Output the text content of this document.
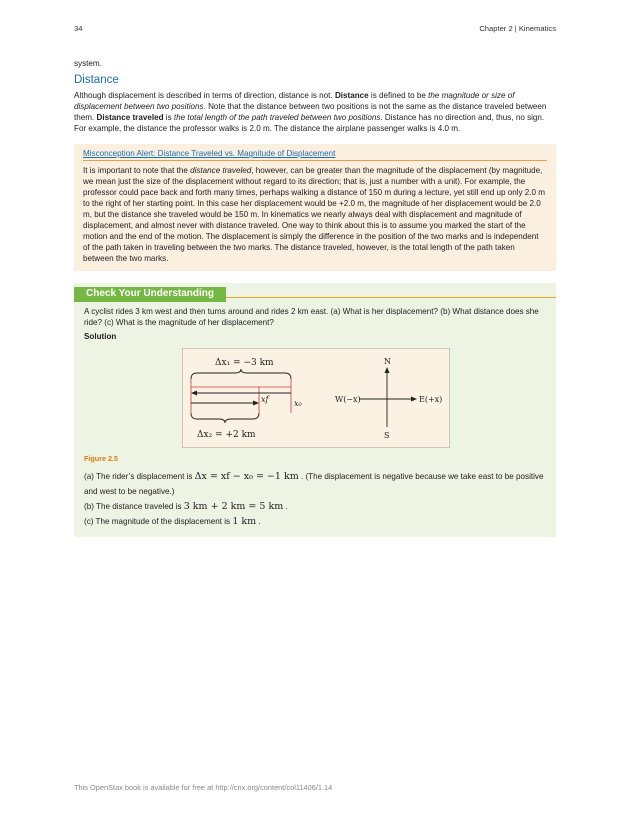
34	Chapter 2 | Kinematics

system.

Distance

Although displacement is described in terms of direction, distance is not. Distance is defined to be the magnitude or size of displacement between two positions. Note that the distance between two positions is not the same as the distance traveled between them. Distance traveled is the total length of the path traveled between two positions. Distance has no direction and, thus, no sign. For example, the distance the professor walks is 2.0 m. The distance the airplane passenger walks is 4.0 m.

Misconception Alert: Distance Traveled vs. Magnitude of Displacement

It is important to note that the distance traveled, however, can be greater than the magnitude of the displacement (by magnitude, we mean just the size of the displacement without regard to its direction; that is, just a number with a unit). For example, the professor could pace back and forth many times, perhaps walking a distance of 150 m during a lecture, yet still end up only 2.0 m to the right of her starting point. In this case her displacement would be +2.0 m, the magnitude of her displacement would be 2.0 m, but the distance she traveled would be 150 m. In kinematics we nearly always deal with displacement and magnitude of displacement, and almost never with distance traveled. One way to think about this is to assume you marked the start of the motion and the end of the motion. The displacement is simply the difference in the position of the two marks and is independent of the path taken in traveling between the two marks. The distance traveled, however, is the total length of the path taken between the two marks.

Check Your Understanding

A cyclist rides 3 km west and then turns around and rides 2 km east. (a) What is her displacement? (b) What distance does she ride? (c) What is the magnitude of her displacement?

Solution

Δx₁ = −3 km
xf	x₀
Δx₂ = +2 km
N
S
W(−x)	E(+x)
Figure 2.5

(a) The rider’s displacement is Δx = xf − x₀ = −1 km . (The displacement is negative because we take east to be positive and west to be negative.)

(b) The distance traveled is 3 km + 2 km = 5 km .

(c) The magnitude of the displacement is 1 km .

This OpenStax book is available for free at http://cnx.org/content/col11406/1.14
